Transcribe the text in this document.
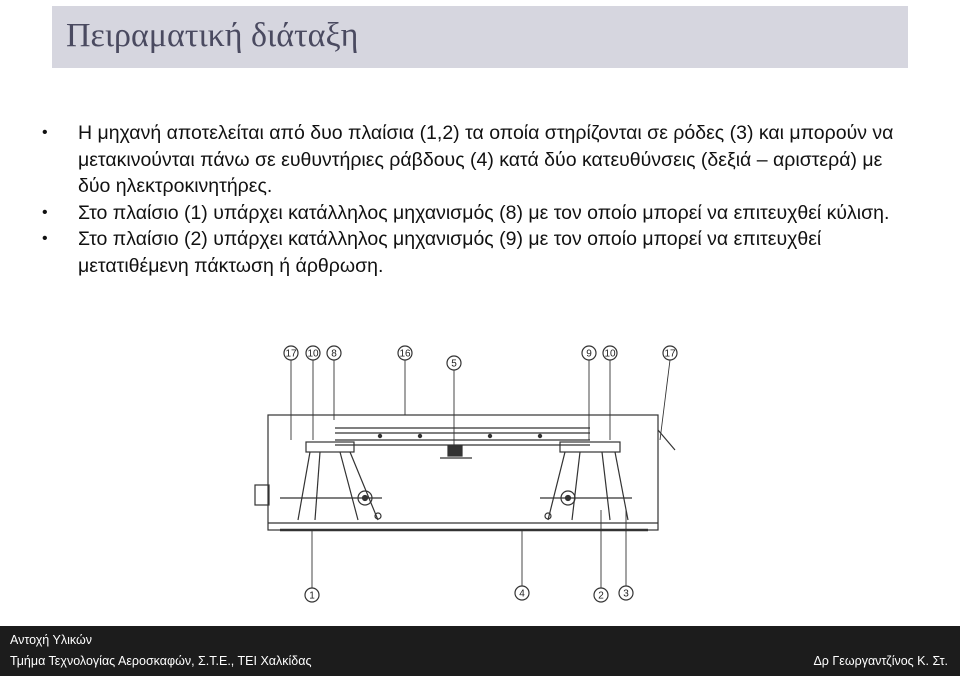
Πειραματική διάταξη
• Η μηχανή αποτελείται από δυο πλαίσια (1,2) τα οποία στηρίζονται σε ρόδες (3) και μπορούν να μετακινούνται πάνω σε ευθυντήριες ράβδους (4) κατά δύο κατευθύνσεις (δεξιά – αριστερά) με δύο ηλεκτροκινητήρες.
• Στο πλαίσιο (1) υπάρχει κατάλληλος μηχανισμός (8) με τον οποίο μπορεί να επιτευχθεί κύλιση.
• Στο πλαίσιο (2) υπάρχει κατάλληλος μηχανισμός (9) με τον οποίο μπορεί να επιτευχθεί μετατιθέμενη πάκτωση ή άρθρωση.
17 10 8	16
5
9 10	17
1	4	2 3
Αντοχή Υλικών
Τμήμα Τεχνολογίας Αεροσκαφών, Σ.Τ.Ε., ΤΕΙ Χαλκίδας	Δρ Γεωργαντζίνος Κ. Στ.
